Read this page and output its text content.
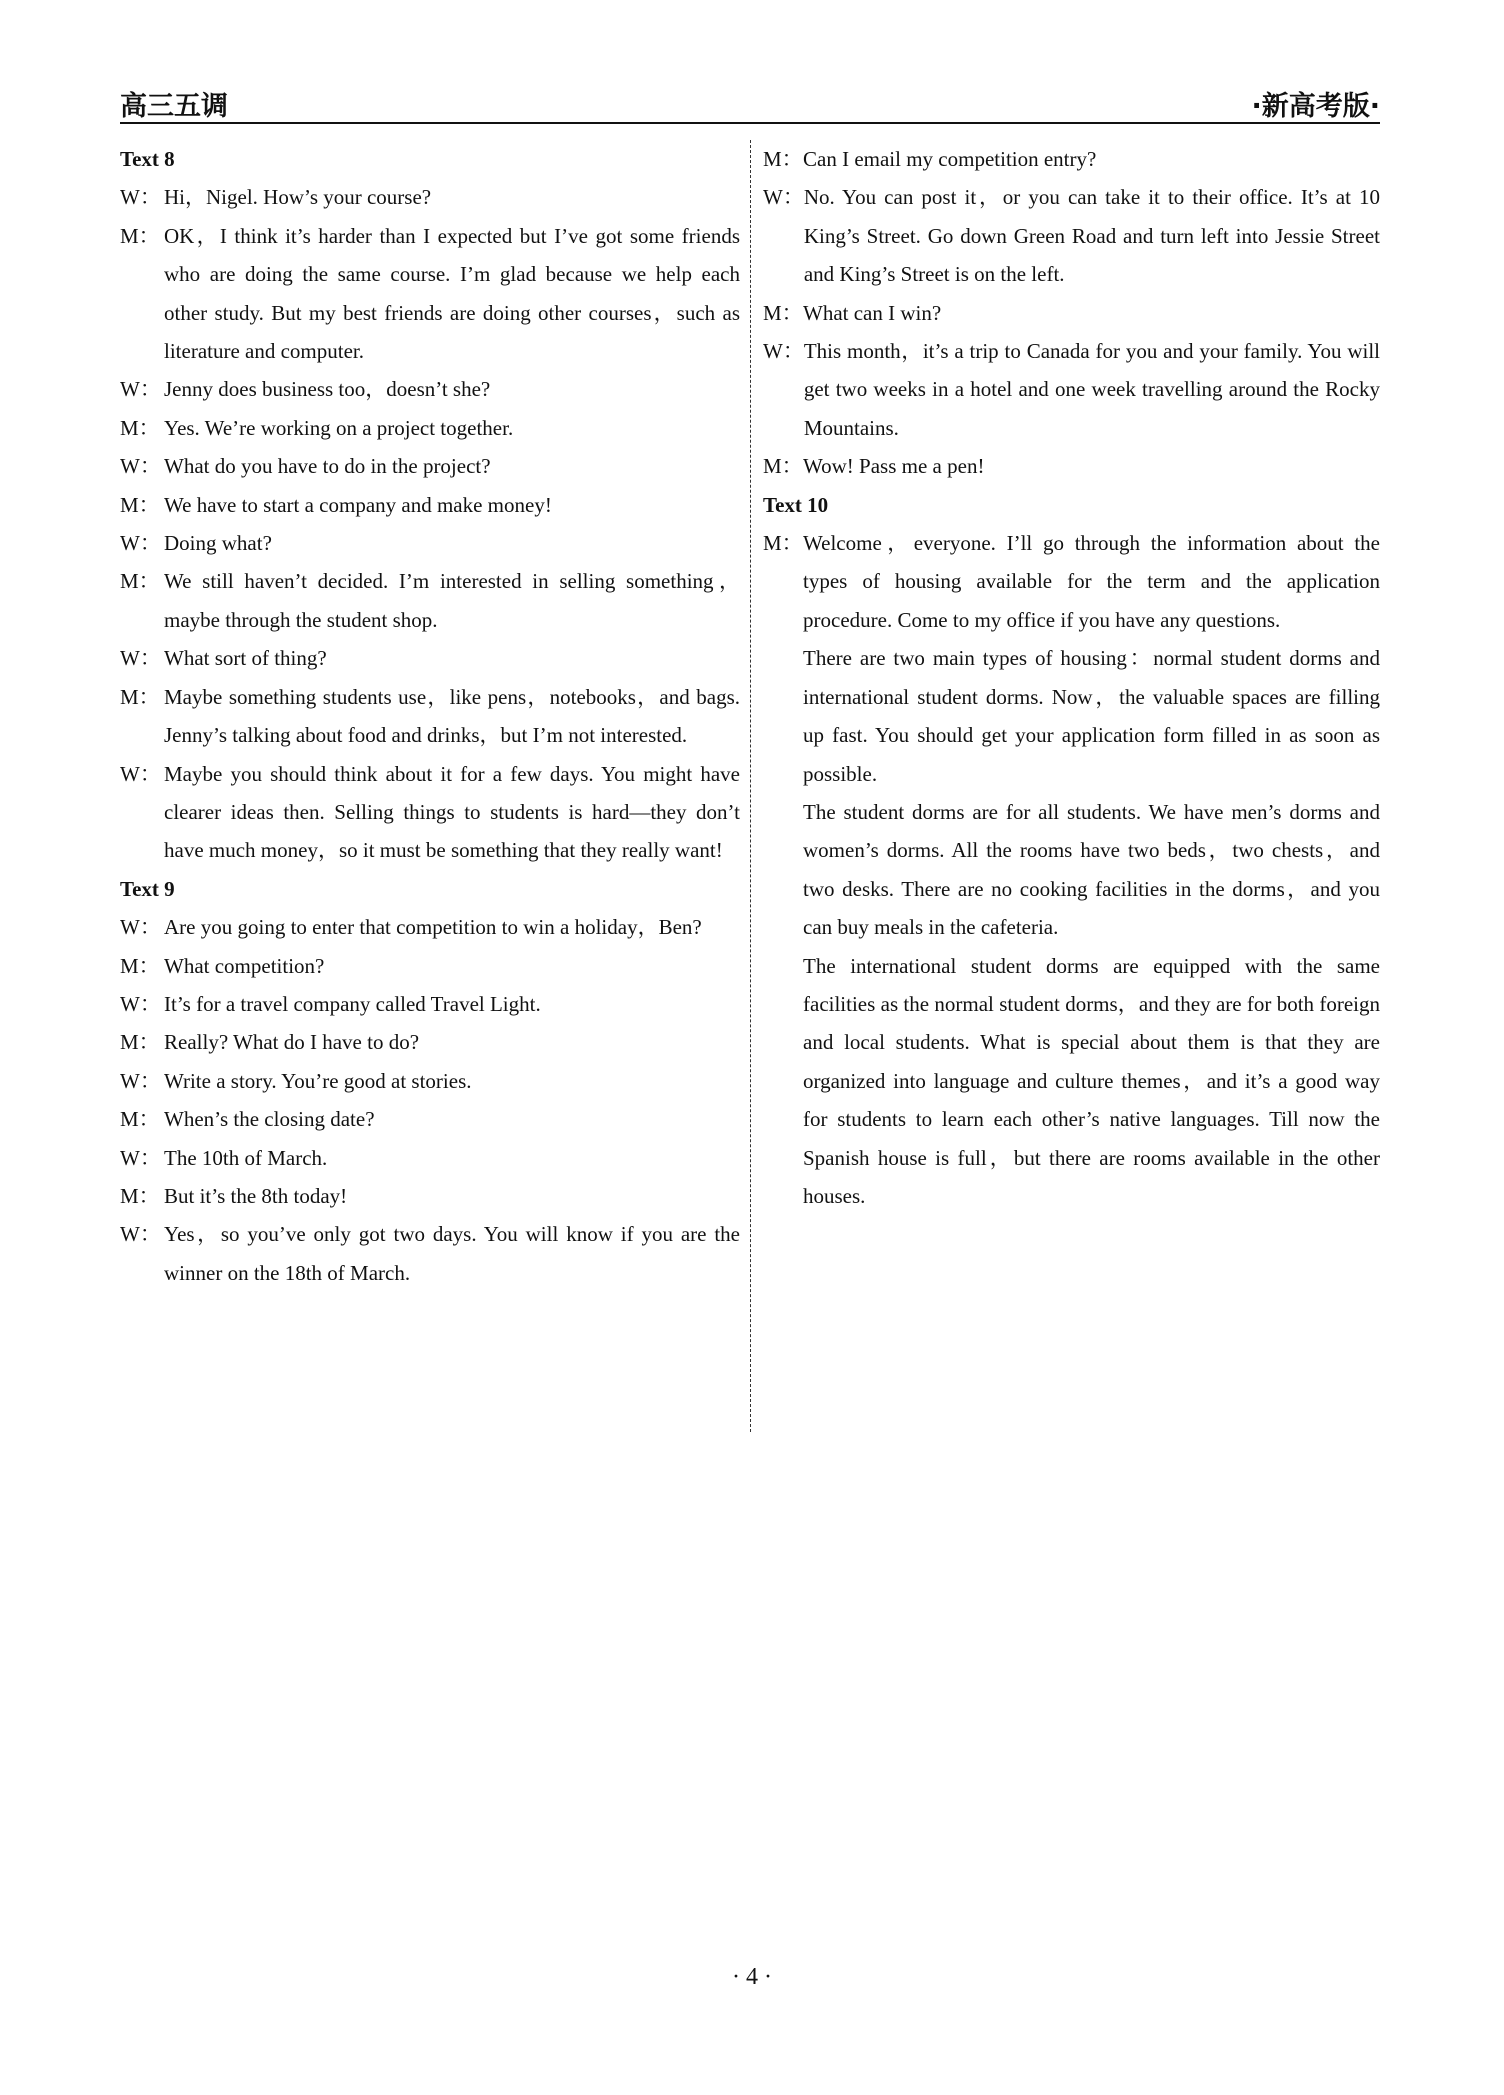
高三五调	·新高考版·
Text 8
W： Hi，Nigel. How’s your course?
M： OK，I think it’s harder than I expected but I’ve got some friends who are doing the same course. I’m glad because we help each other study. But my best friends are doing other courses，such as literature and computer.
W： Jenny does business too，doesn’t she?
M： Yes. We’re working on a project together.
W： What do you have to do in the project?
M： We have to start a company and make money!
W： Doing what?
M： We still haven’t decided. I’m interested in selling something，maybe through the student shop.
W： What sort of thing?
M： Maybe something students use，like pens，notebooks，and bags. Jenny’s talking about food and drinks，but I’m not interested.
W： Maybe you should think about it for a few days. You might have clearer ideas then. Selling things to students is hard—they don’t have much money，so it must be something that they really want!
Text 9
W： Are you going to enter that competition to win a holiday，Ben?
M： What competition?
W： It’s for a travel company called Travel Light.
M： Really? What do I have to do?
W： Write a story. You’re good at stories.
M： When’s the closing date?
W： The 10th of March.
M： But it’s the 8th today!
W： Yes，so you’ve only got two days. You will know if you are the winner on the 18th of March.
M： Can I email my competition entry?
W： No. You can post it，or you can take it to their office. It’s at 10 King’s Street. Go down Green Road and turn left into Jessie Street and King’s Street is on the left.
M： What can I win?
W： This month，it’s a trip to Canada for you and your family. You will get two weeks in a hotel and one week travelling around the Rocky Mountains.
M： Wow! Pass me a pen!
Text 10
M： Welcome，everyone. I’ll go through the information about the types of housing available for the term and the application procedure. Come to my office if you have any questions.
There are two main types of housing：normal student dorms and international student dorms. Now，the valuable spaces are filling up fast. You should get your application form filled in as soon as possible.
The student dorms are for all students. We have men’s dorms and women’s dorms. All the rooms have two beds，two chests，and two desks. There are no cooking facilities in the dorms，and you can buy meals in the cafeteria.
The international student dorms are equipped with the same facilities as the normal student dorms，and they are for both foreign and local students. What is special about them is that they are organized into language and culture themes，and it’s a good way for students to learn each other’s native languages. Till now the Spanish house is full，but there are rooms available in the other houses.
· 4 ·
